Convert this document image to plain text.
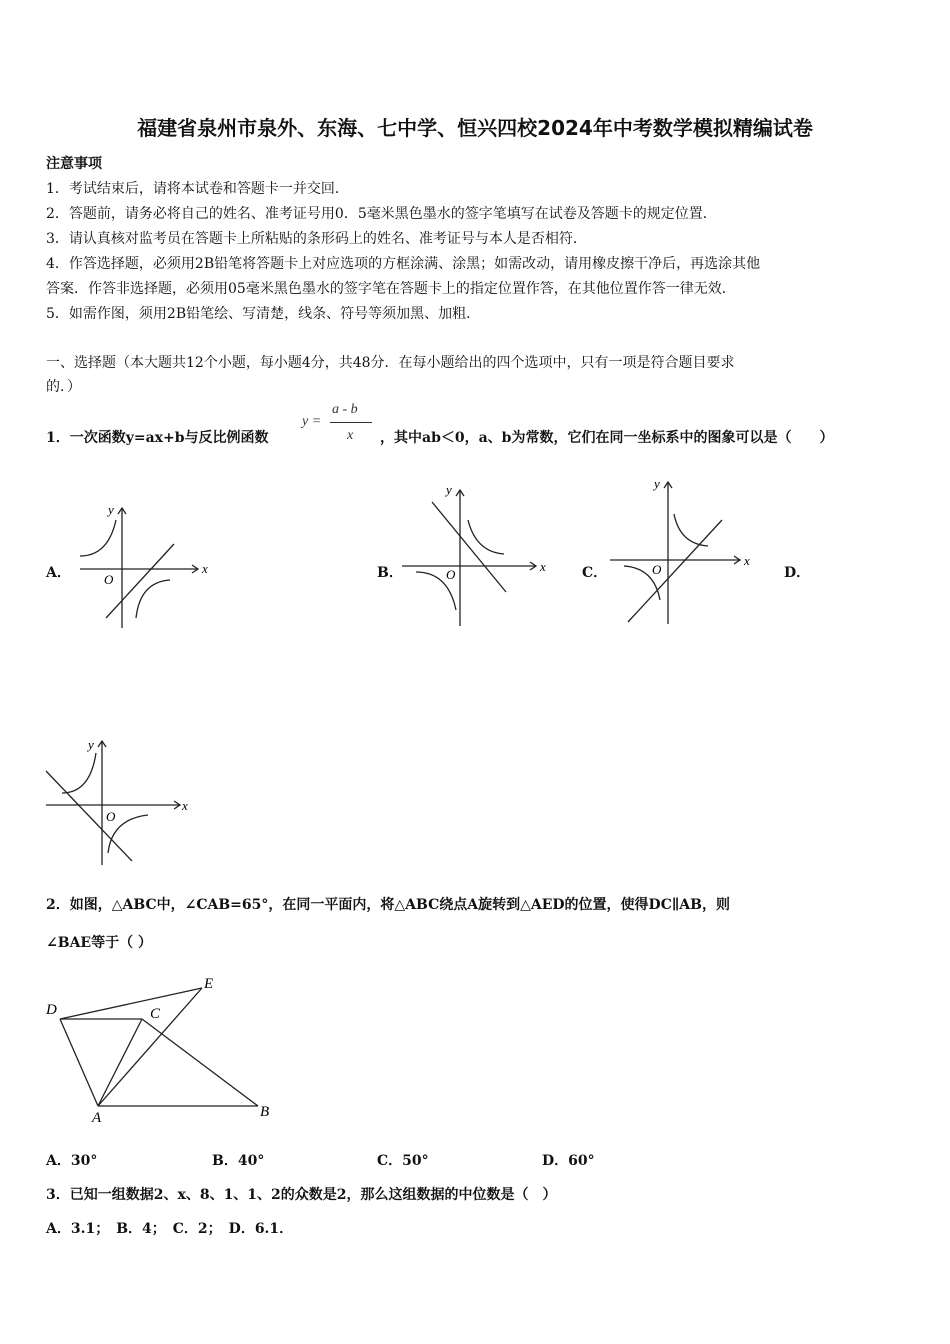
福建省泉州市泉外、东海、七中学、恒兴四校2024年中考数学模拟精编试卷
注意事项
1．考试结束后，请将本试卷和答题卡一并交回．
2．答题前，请务必将自己的姓名、准考证号用0．5毫米黑色墨水的签字笔填写在试卷及答题卡的规定位置．
3．请认真核对监考员在答题卡上所粘贴的条形码上的姓名、准考证号与本人是否相符．
4．作答选择题，必须用2B铅笔将答题卡上对应选项的方框涂满、涂黑；如需改动，请用橡皮擦干净后，再选涂其他
答案．作答非选择题，必须用05毫米黑色墨水的签字笔在答题卡上的指定位置作答，在其他位置作答一律无效．
5．如需作图，须用2B铅笔绘、写清楚，线条、符号等须加黑、加粗．
一、选择题（本大题共12个小题，每小题4分，共48分．在每小题给出的四个选项中，只有一项是符合题目要求
的．）
1．一次函数y=ax+b与反比例函数
y =
a - b
x ，其中ab＜0，a、b为常数，它们在同一坐标系中的图象可以是（　　）
A．	B．	C．	D．
x
y
O
x
y
O
x
y
O
x
y
O
2．如图，△ABC中，∠CAB=65°，在同一平面内，将△ABC绕点A旋转到△AED的位置，使得DC∥AB，则
∠BAE等于（ ）
D	C
E
A	B
A．30°	B．40°	C．50°	D．60°
3．已知一组数据2、x、8、1、1、2的众数是2，那么这组数据的中位数是（　）
A．3.1；　B．4；　C．2；　D．6.1．
